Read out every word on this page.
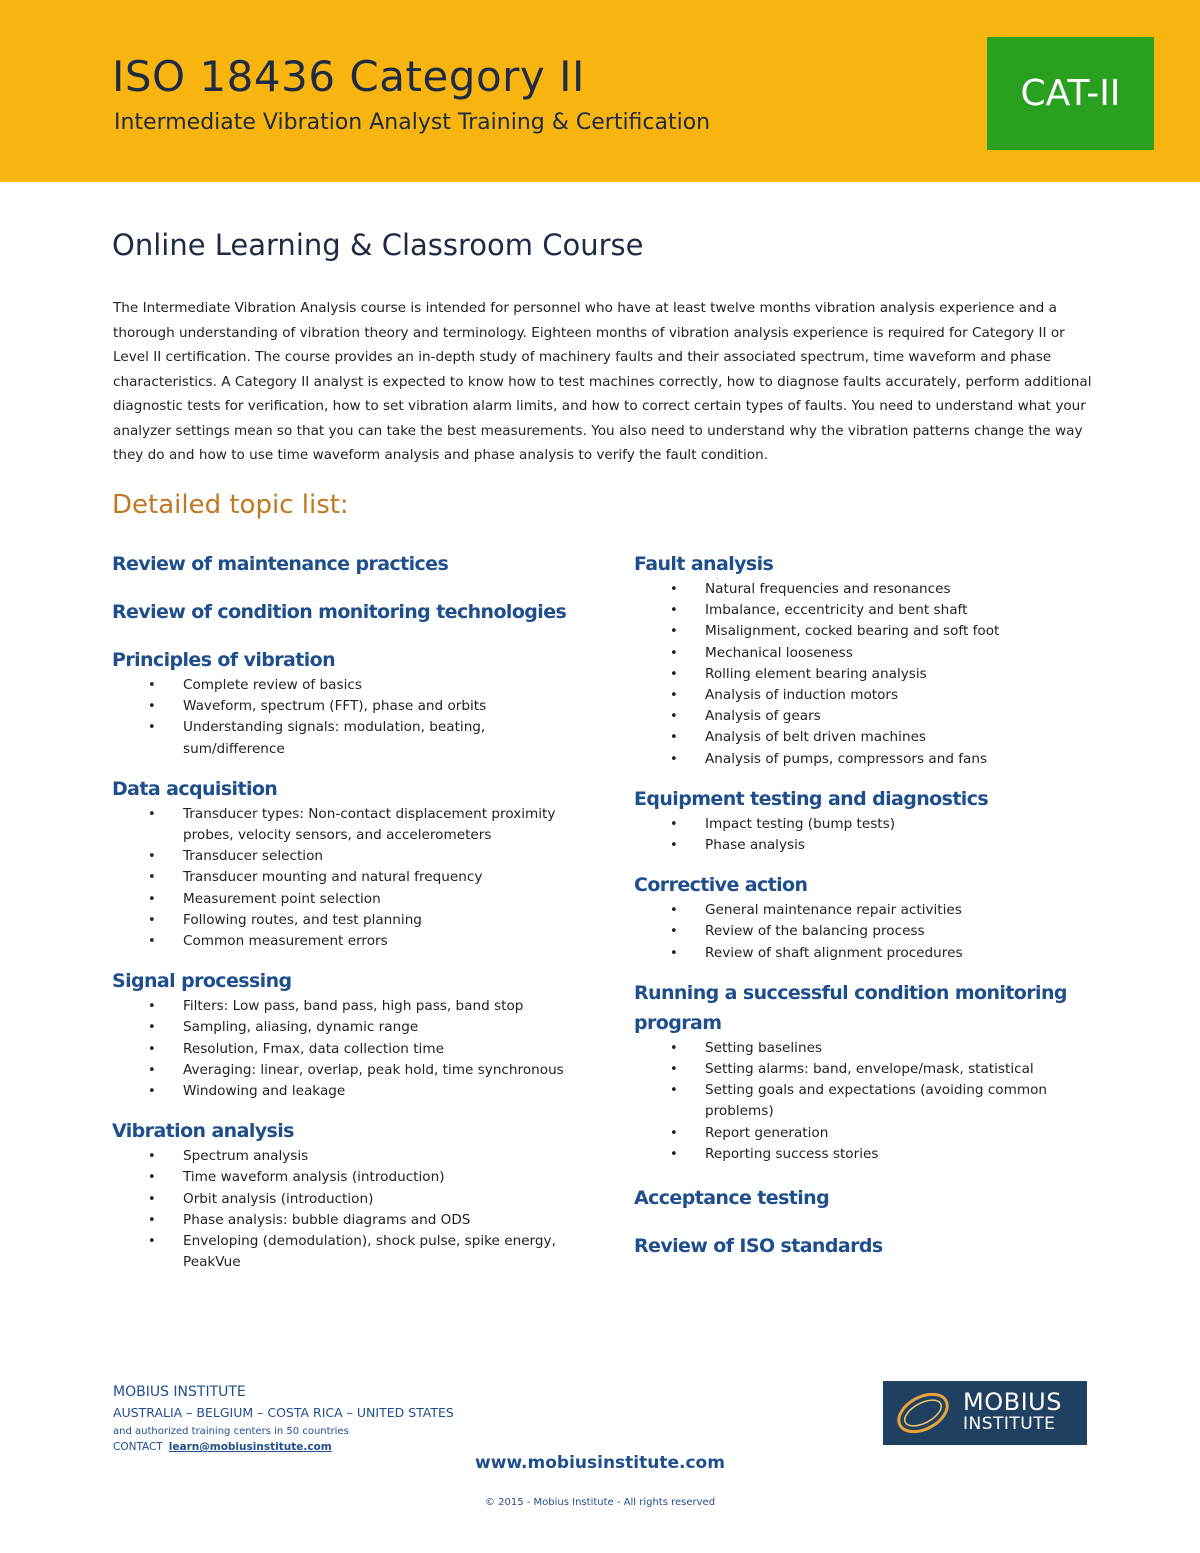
ISO 18436 Category II
Intermediate Vibration Analyst Training & Certification
CAT-II
Online Learning & Classroom Course

The Intermediate Vibration Analysis course is intended for personnel who have at least twelve months vibration analysis experience and a thorough understanding of vibration theory and terminology. Eighteen months of vibration analysis experience is required for Category II or Level II certification. The course provides an in-depth study of machinery faults and their associated spectrum, time waveform and phase characteristics. A Category II analyst is expected to know how to test machines correctly, how to diagnose faults accurately, perform additional diagnostic tests for verification, how to set vibration alarm limits, and how to correct certain types of faults. You need to understand what your analyzer settings mean so that you can take the best measurements. You also need to understand why the vibration patterns change the way they do and how to use time waveform analysis and phase analysis to verify the fault condition.

Detailed topic list:
Review of maintenance practices
Review of condition monitoring technologies
Principles of vibration
• Complete review of basics
• Waveform, spectrum (FFT), phase and orbits
• Understanding signals: modulation, beating, sum/difference
Data acquisition
• Transducer types: Non-contact displacement proximity probes, velocity sensors, and accelerometers
• Transducer selection
• Transducer mounting and natural frequency
• Measurement point selection
• Following routes, and test planning
• Common measurement errors
Signal processing
• Filters: Low pass, band pass, high pass, band stop
• Sampling, aliasing, dynamic range
• Resolution, Fmax, data collection time
• Averaging: linear, overlap, peak hold, time synchronous
• Windowing and leakage
Vibration analysis
• Spectrum analysis
• Time waveform analysis (introduction)
• Orbit analysis (introduction)
• Phase analysis: bubble diagrams and ODS
• Enveloping (demodulation), shock pulse, spike energy, PeakVue
Fault analysis
• Natural frequencies and resonances
• Imbalance, eccentricity and bent shaft
• Misalignment, cocked bearing and soft foot
• Mechanical looseness
• Rolling element bearing analysis
• Analysis of induction motors
• Analysis of gears
• Analysis of belt driven machines
• Analysis of pumps, compressors and fans
Equipment testing and diagnostics
• Impact testing (bump tests)
• Phase analysis
Corrective action
• General maintenance repair activities
• Review of the balancing process
• Review of shaft alignment procedures
Running a successful condition monitoring program
• Setting baselines
• Setting alarms: band, envelope/mask, statistical
• Setting goals and expectations (avoiding common problems)
• Report generation
• Reporting success stories
Acceptance testing
Review of ISO standards
MOBIUS INSTITUTE
AUSTRALIA – BELGIUM – COSTA RICA – UNITED STATES
and authorized training centers in 50 countries
CONTACT learn@mobiusinstitute.com
MOBIUS
INSTITUTE
www.mobiusinstitute.com
© 2015 - Mobius Institute - All rights reserved
